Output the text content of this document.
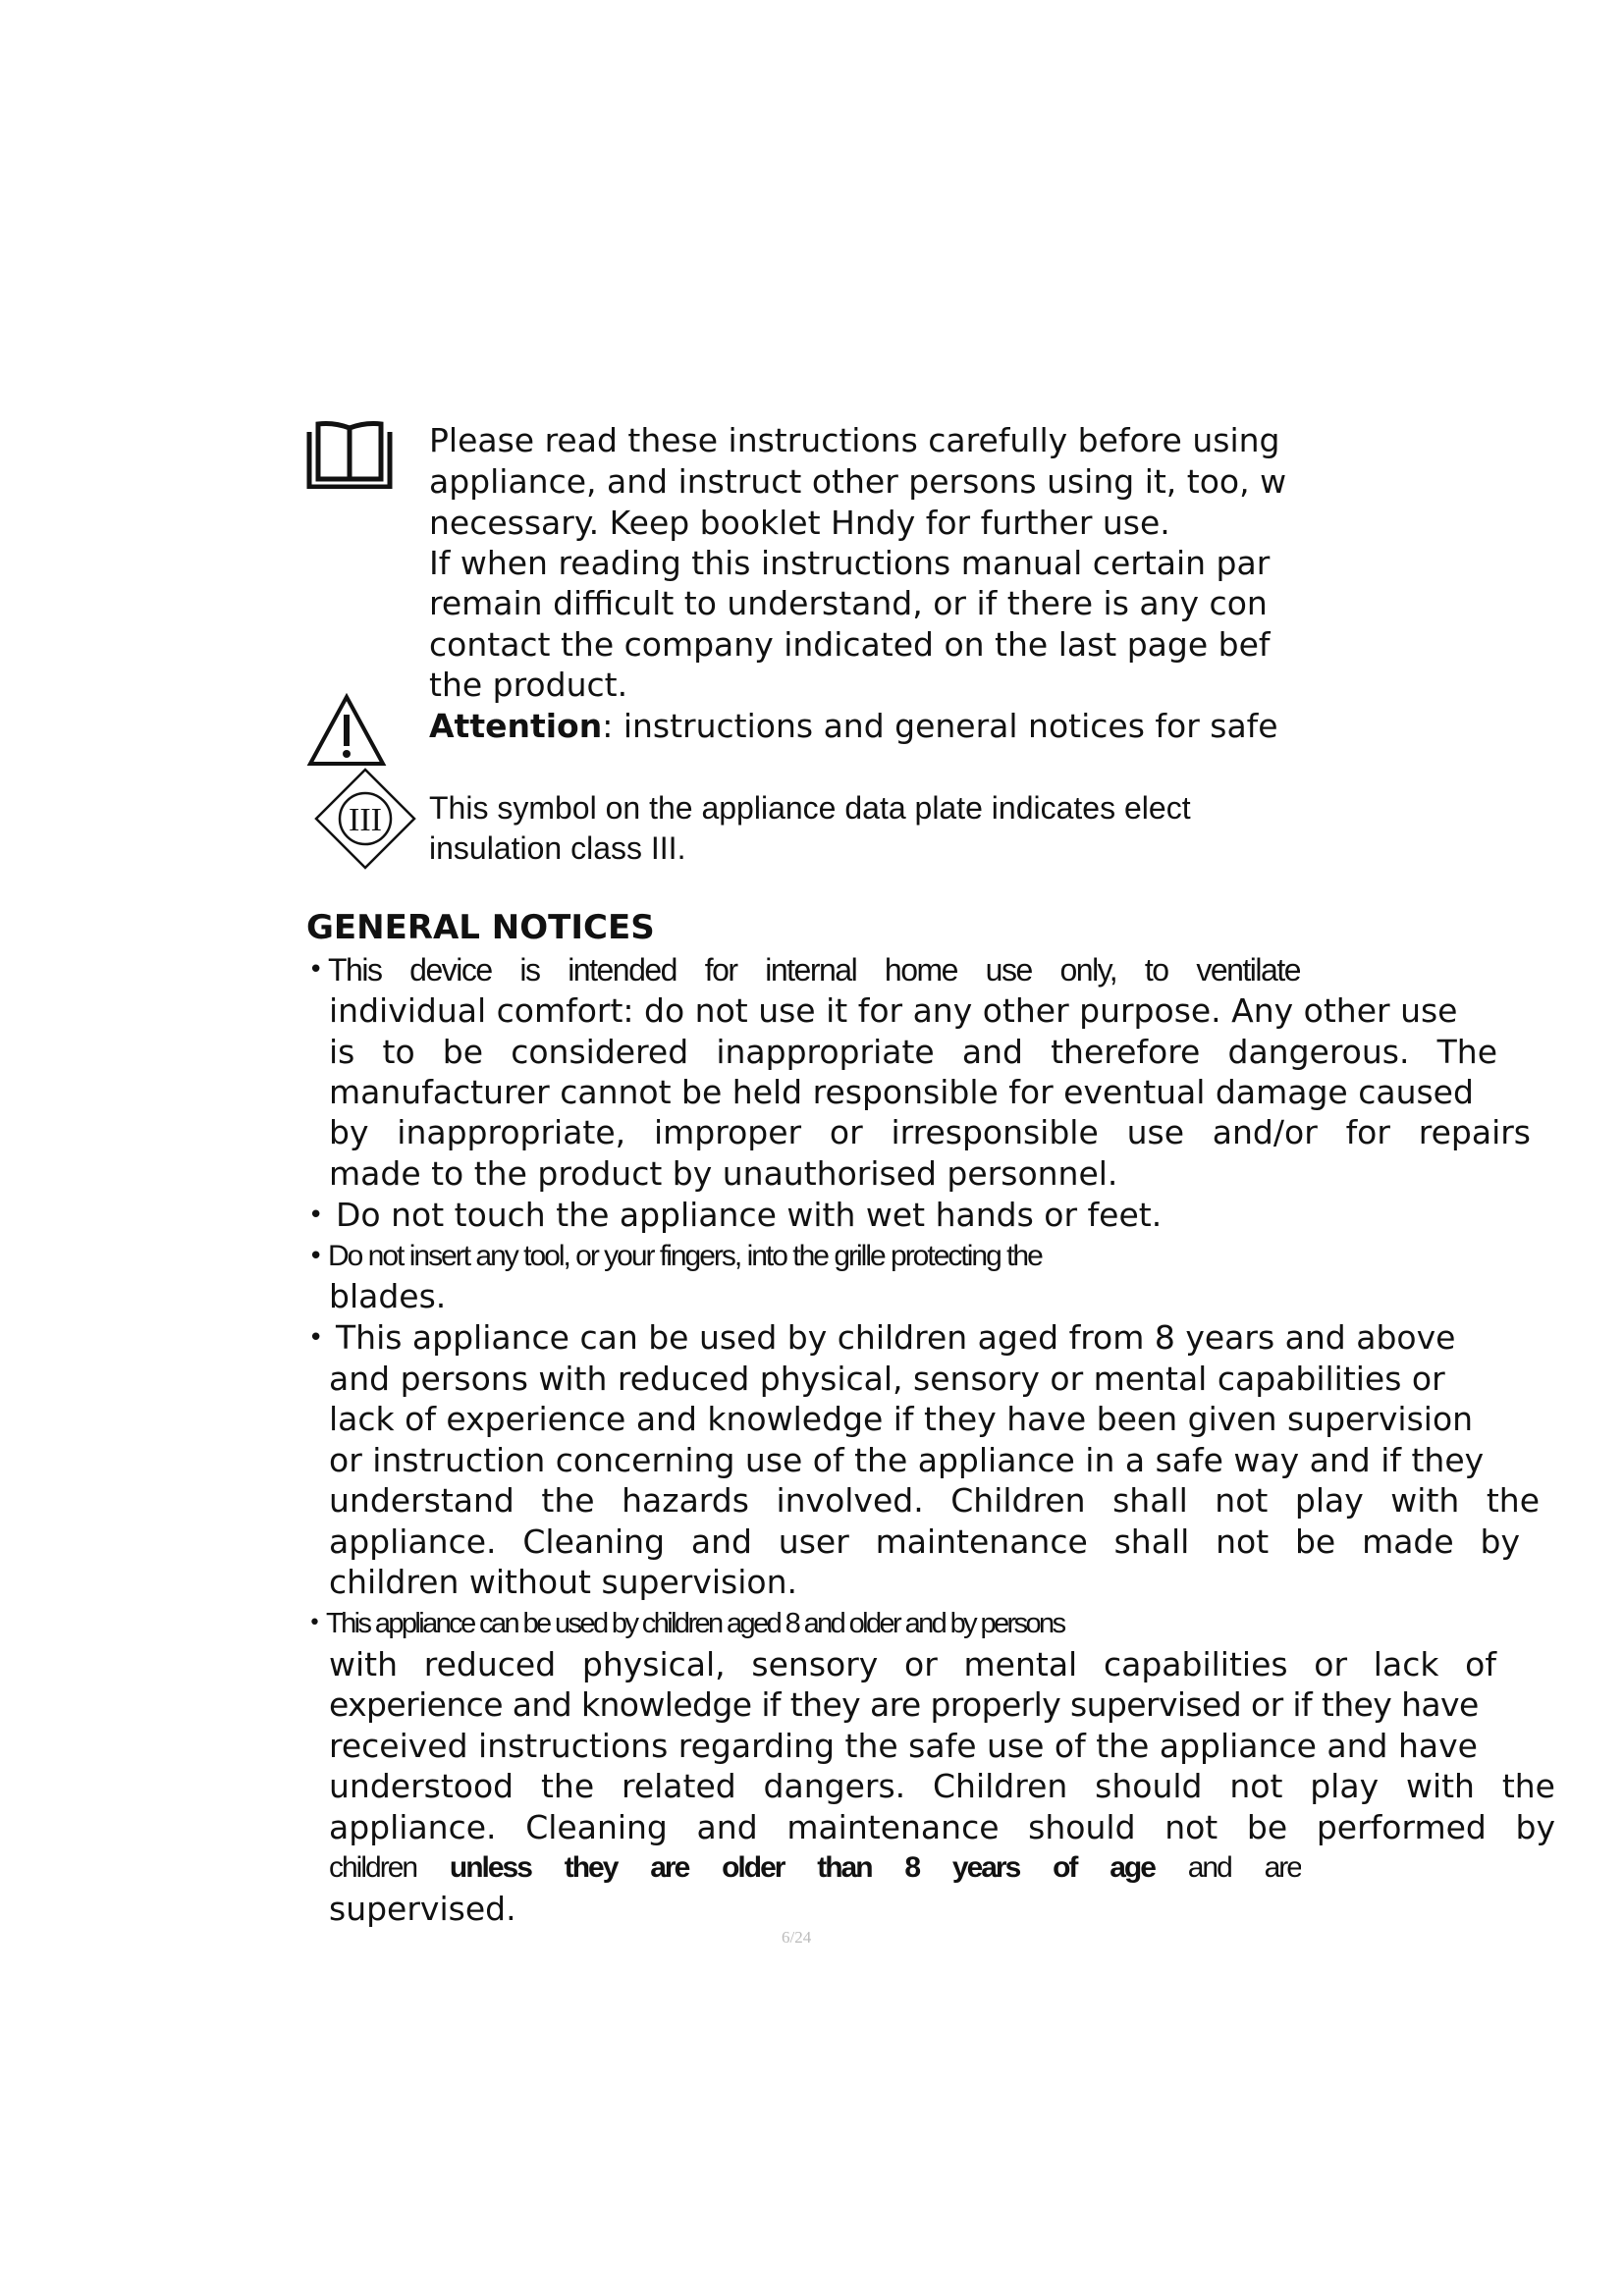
Please read these instructions carefully before using
appliance, and instruct other persons using it, too, w
necessary. Keep booklet Hndy for further use.
If when reading this instructions manual certain par
remain difficult to understand, or if there is any con
contact the company indicated on the last page bef
the product.
Attention: instructions and general notices for safe
III This symbol on the appliance data plate indicates elect
insulation class III.
GENERAL NOTICES
• This device is intended for internal home use only, to ventilate
individual comfort: do not use it for any other purpose. Any other use
is to be considered inappropriate and therefore dangerous. The
manufacturer cannot be held responsible for eventual damage caused
by inappropriate, improper or irresponsible use and/or for repairs
made to the product by unauthorised personnel.
• Do not touch the appliance with wet hands or feet.
• Do not insert any tool, or your fingers, into the grille protecting the
blades.
• This appliance can be used by children aged from 8 years and above
and persons with reduced physical, sensory or mental capabilities or
lack of experience and knowledge if they have been given supervision
or instruction concerning use of the appliance in a safe way and if they
understand the hazards involved. Children shall not play with the
appliance. Cleaning and user maintenance shall not be made by
children without supervision.
• This appliance can be used by children aged 8 and older and by persons
with reduced physical, sensory or mental capabilities or lack of
experience and knowledge if they are properly supervised or if they have
received instructions regarding the safe use of the appliance and have
understood the related dangers. Children should not play with the
appliance. Cleaning and maintenance should not be performed by
children unless they are older than 8 years of age and are
supervised.
6/24
